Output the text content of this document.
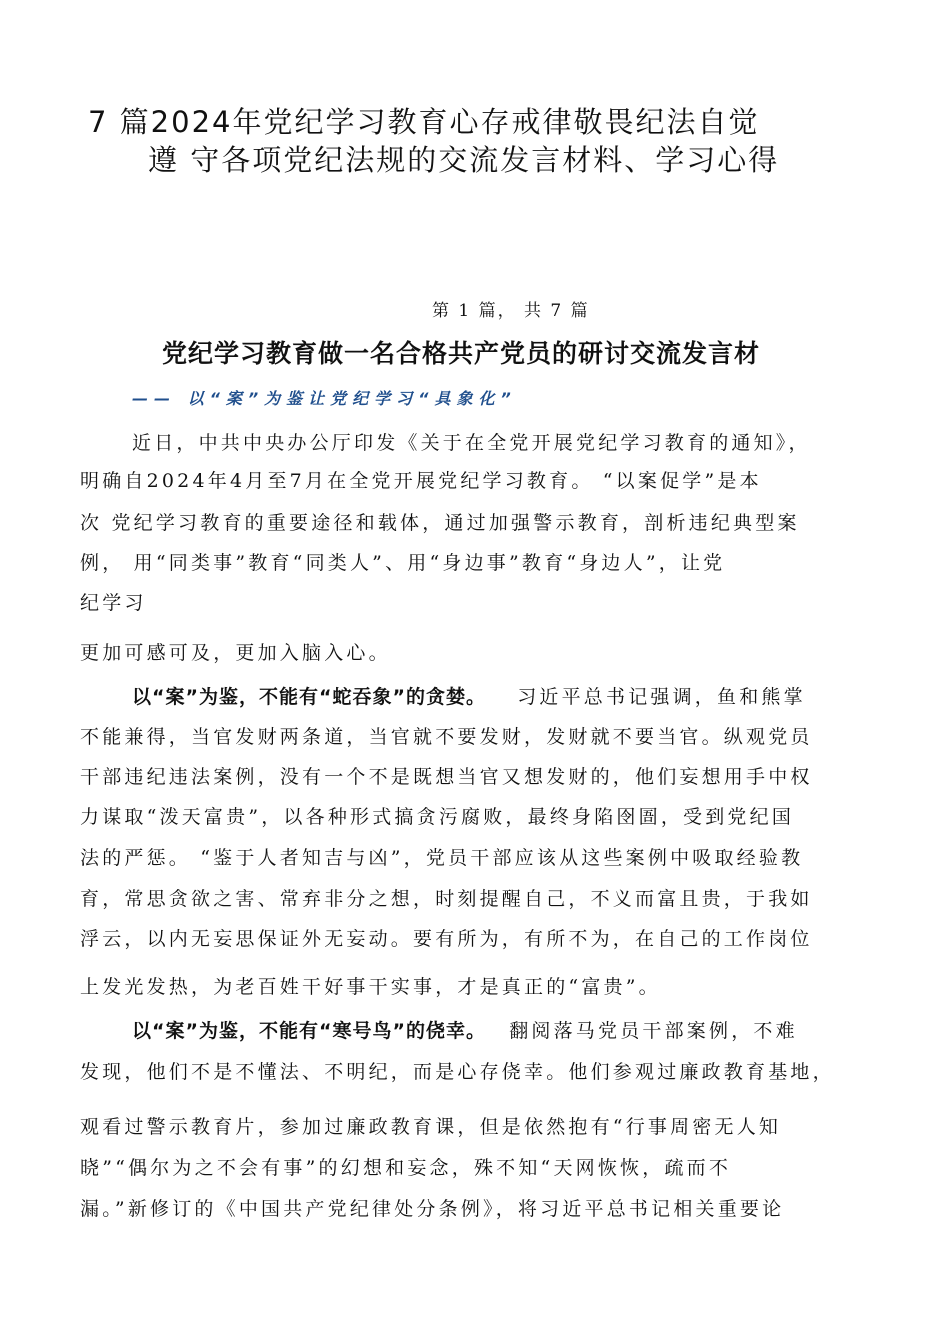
7 篇2024年党纪学习教育心存戒律敬畏纪法自觉
遵 守各项党纪法规的交流发言材料、学习心得
第 1 篇， 共 7 篇
党纪学习教育做一名合格共产党员的研讨交流发言材
—— 以“案”为鉴让党纪学习“具象化”
近日，中共中央办公厅印发《关于在全党开展党纪学习教育的通知》，
明确自2024年4月至7月在全党开展党纪学习教育。 “以案促学”是本
次 党纪学习教育的重要途径和载体，通过加强警示教育，剖析违纪典型案
例， 用“同类事”教育“同类人”、用“身边事”教育“身边人”，让党
纪学习
更加可感可及，更加入脑入心。
以“案”为鉴，不能有“蛇吞象”的贪婪。 习近平总书记强调，鱼和熊掌
不能兼得，当官发财两条道，当官就不要发财，发财就不要当官。纵观党员
干部违纪违法案例，没有一个不是既想当官又想发财的，他们妄想用手中权
力谋取“泼天富贵”，以各种形式搞贪污腐败，最终身陷囹圄，受到党纪国
法的严惩。 “鉴于人者知吉与凶”，党员干部应该从这些案例中吸取经验教
育，常思贪欲之害、常弃非分之想，时刻提醒自己，不义而富且贵，于我如
浮云，以内无妄思保证外无妄动。要有所为，有所不为，在自己的工作岗位
上发光发热，为老百姓干好事干实事，才是真正的“富贵”。
以“案”为鉴，不能有“寒号鸟”的侥幸。 翻阅落马党员干部案例，不难
发现，他们不是不懂法、不明纪，而是心存侥幸。他们参观过廉政教育基地，
观看过警示教育片，参加过廉政教育课，但是依然抱有“行事周密无人知
晓”“偶尔为之不会有事”的幻想和妄念，殊不知“天网恢恢，疏而不
漏。”新修订的《中国共产党纪律处分条例》，将习近平总书记相关重要论
